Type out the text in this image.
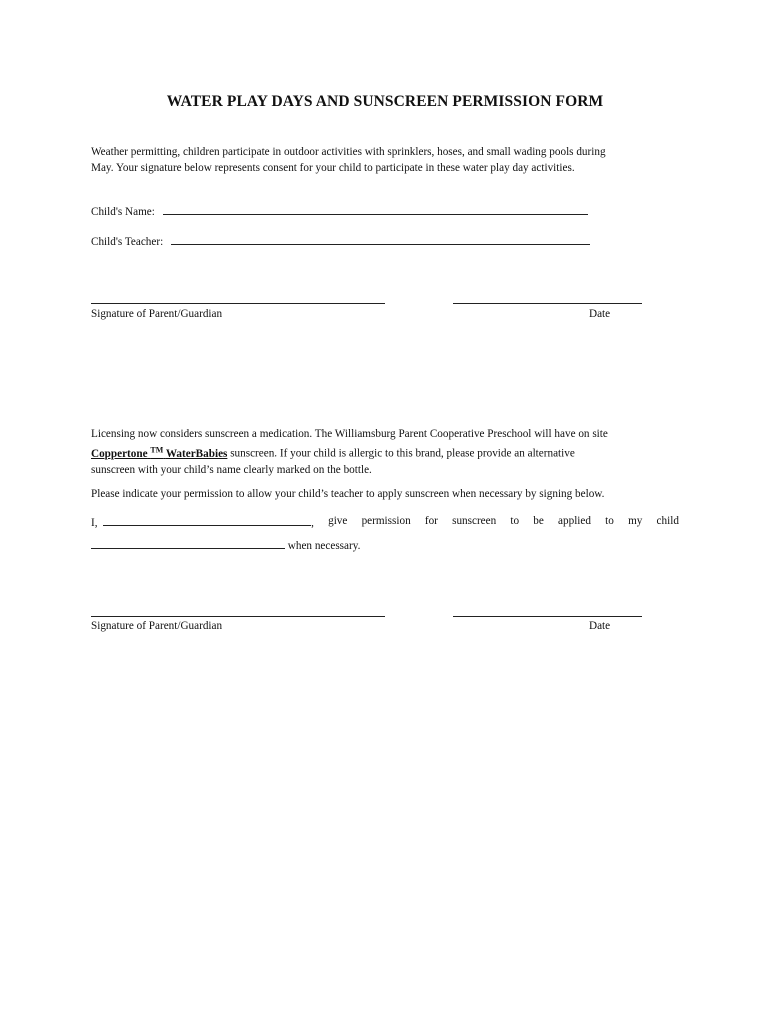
WATER PLAY DAYS AND SUNSCREEN PERMISSION FORM
Weather permitting, children participate in outdoor activities with sprinklers, hoses, and small wading pools during
May. Your signature below represents consent for your child to participate in these water play day activities.
Child's Name:
Child's Teacher:
Signature of Parent/Guardian	Date
Licensing now considers sunscreen a medication. The Williamsburg Parent Cooperative Preschool will have on site
Coppertone ™ WaterBabies sunscreen. If your child is allergic to this brand, please provide an alternative
sunscreen with your child’s name clearly marked on the bottle.
Please indicate your permission to allow your child’s teacher to apply sunscreen when necessary by signing below.
I,	, give permission for sunscreen to be applied to my child
when necessary.
Signature of Parent/Guardian	Date
